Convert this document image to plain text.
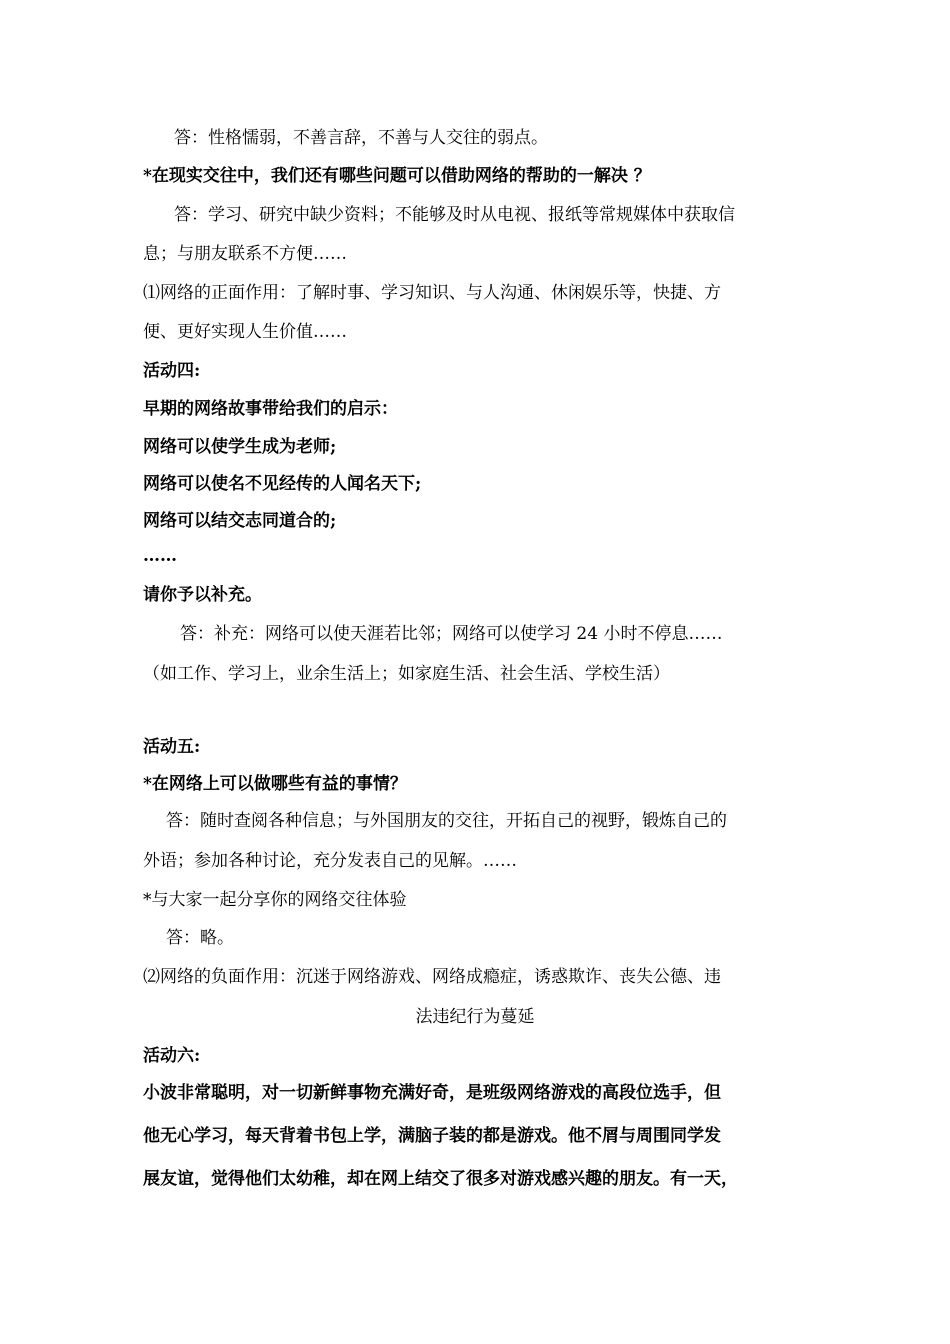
答：性格懦弱，不善言辞，不善与人交往的弱点。
*在现实交往中，我们还有哪些问题可以借助网络的帮助的一解决 ？
答：学习、研究中缺少资料；不能够及时从电视、报纸等常规媒体中获取信
息；与朋友联系不方便……
⑴网络的正面作用：了解时事、学习知识、与人沟通、休闲娱乐等，快捷、方
便、更好实现人生价值……
活动四:
早期的网络故事带给我们的启示：
网络可以使学生成为老师;
网络可以使名不见经传的人闻名天下;
网络可以结交志同道合的;
……
请你予以补充。
答：补充：网络可以使天涯若比邻；网络可以使学习 24 小时不停息……
（如工作、学习上，业余生活上；如家庭生活、社会生活、学校生活）
活动五:
*在网络上可以做哪些有益的事情？
答：随时查阅各种信息；与外国朋友的交往，开拓自己的视野，锻炼自己的
外语；参加各种讨论，充分发表自己的见解。……
*与大家一起分享你的网络交往体验
答：略。
⑵网络的负面作用：沉迷于网络游戏、网络成瘾症，诱惑欺诈、丧失公德、违
法违纪行为蔓延
活动六:
小波非常聪明，对一切新鲜事物充满好奇，是班级网络游戏的高段位选手，但
他无心学习，每天背着书包上学，满脑子装的都是游戏。他不屑与周围同学发
展友谊，觉得他们太幼稚，却在网上结交了很多对游戏感兴趣的朋友。有一天，
